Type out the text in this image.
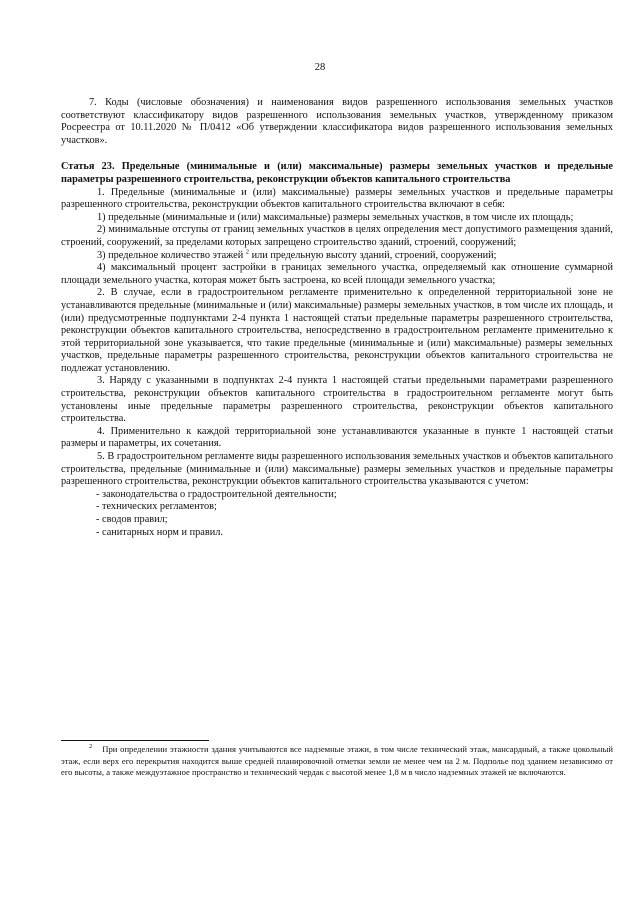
28

7. Коды (числовые обозначения) и наименования видов разрешенного использования земельных участков соответствуют классификатору видов разрешенного использования земельных участков, утвержденному приказом Росреестра от 10.11.2020 № П/0412 «Об утверждении классификатора видов разрешенного использования земельных участков».

Статья 23. Предельные (минимальные и (или) максимальные) размеры земельных участков и предельные параметры разрешенного строительства, реконструкции объектов капитального строительства

1. Предельные (минимальные и (или) максимальные) размеры земельных участков и предельные параметры разрешенного строительства, реконструкции объектов капитального строительства включают в себя:

1) предельные (минимальные и (или) максимальные) размеры земельных участков, в том числе их площадь;

2) минимальные отступы от границ земельных участков в целях определения мест допустимого размещения зданий, строений, сооружений, за пределами которых запрещено строительство зданий, строений, сооружений;

3) предельное количество этажей $^2$ или предельную высоту зданий, строений, сооружений;

4) максимальный процент застройки в границах земельного участка, определяемый как отношение суммарной площади земельного участка, которая может быть застроена, ко всей площади земельного участка;

2. В случае, если в градостроительном регламенте применительно к определенной территориальной зоне не устанавливаются предельные (минимальные и (или) максимальные) размеры земельных участков, в том числе их площадь, и (или) предусмотренные подпунктами 2-4 пункта 1 настоящей статьи предельные параметры разрешенного строительства, реконструкции объектов капитального строительства, непосредственно в градостроительном регламенте применительно к этой территориальной зоне указывается, что такие предельные (минимальные и (или) максимальные) размеры земельных участков, предельные параметры разрешенного строительства, реконструкции объектов капитального строительства не подлежат установлению.

3. Наряду с указанными в подпунктах 2-4 пункта 1 настоящей статьи предельными параметрами разрешенного строительства, реконструкции объектов капитального строительства в градостроительном регламенте могут быть установлены иные предельные параметры разрешенного строительства, реконструкции объектов капитального строительства.

4. Применительно к каждой территориальной зоне устанавливаются указанные в пункте 1 настоящей статьи размеры и параметры, их сочетания.

5. В градостроительном регламенте виды разрешенного использования земельных участков и объектов капитального строительства, предельные (минимальные и (или) максимальные) размеры земельных участков и предельные параметры разрешенного строительства, реконструкции объектов капитального строительства указываются с учетом:

- законодательства о градостроительной деятельности;

- технических регламентов;

- сводов правил;

- санитарных норм и правил.

$^2$ При определении этажности здания учитываются все надземные этажи, в том числе технический этаж, мансардный, а также цокольный этаж, если верх его перекрытия находится выше средней планировочной отметки земли не менее чем на 2 м. Подполье под зданием независимо от его высоты, а также междуэтажное пространство и технический чердак с высотой менее 1,8 м в число надземных этажей не включаются.
